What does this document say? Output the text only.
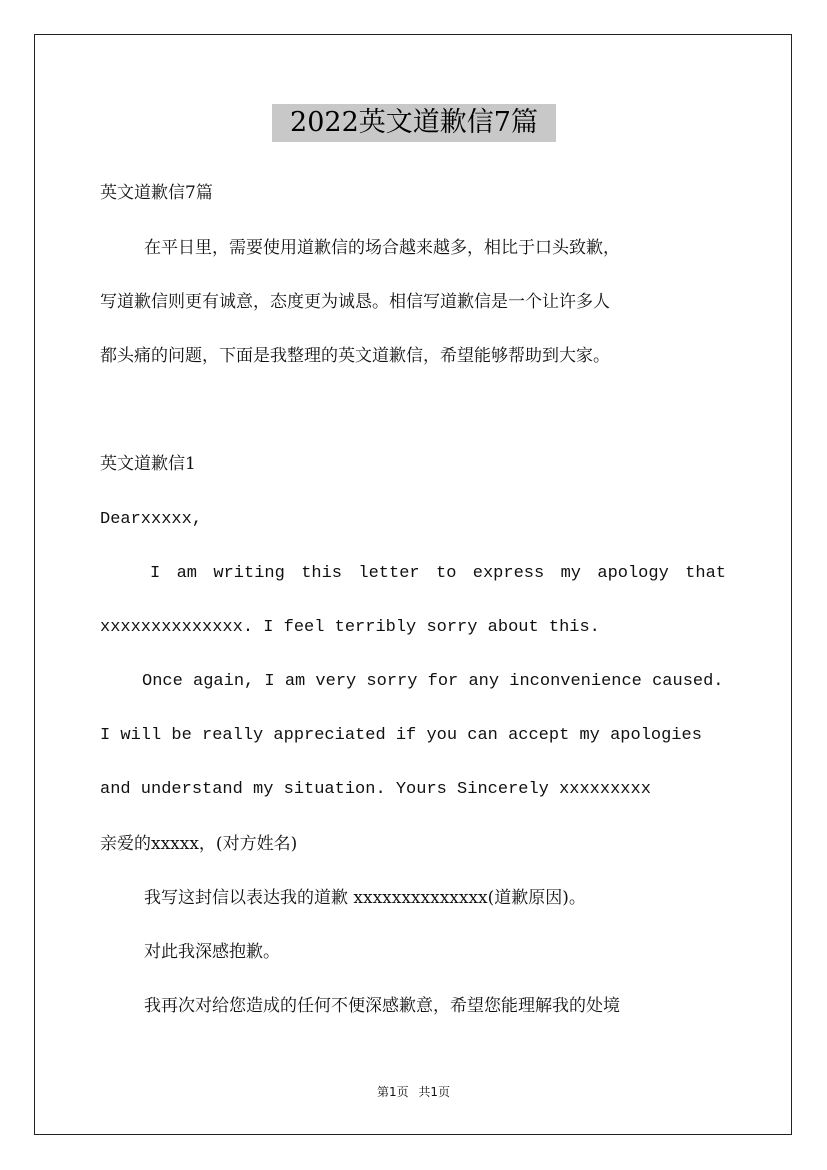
2022英文道歉信7篇
英文道歉信7篇
在平日里，需要使用道歉信的场合越来越多，相比于口头致歉，
写道歉信则更有诚意，态度更为诚恳。相信写道歉信是一个让许多人
都头痛的问题，下面是我整理的英文道歉信，希望能够帮助到大家。
英文道歉信1
Dearxxxxx,
I am writing this letter to express my apology that
xxxxxxxxxxxxxx. I feel terribly sorry about this.
Once again, I am very sorry for any inconvenience caused.
I will be really appreciated if you can accept my apologies
and understand my situation. Yours Sincerely xxxxxxxxx
亲爱的xxxxx，(对方姓名)
我写这封信以表达我的道歉 xxxxxxxxxxxxxx(道歉原因)。
对此我深感抱歉。
我再次对给您造成的任何不便深感歉意，希望您能理解我的处境
第1页 共1页
